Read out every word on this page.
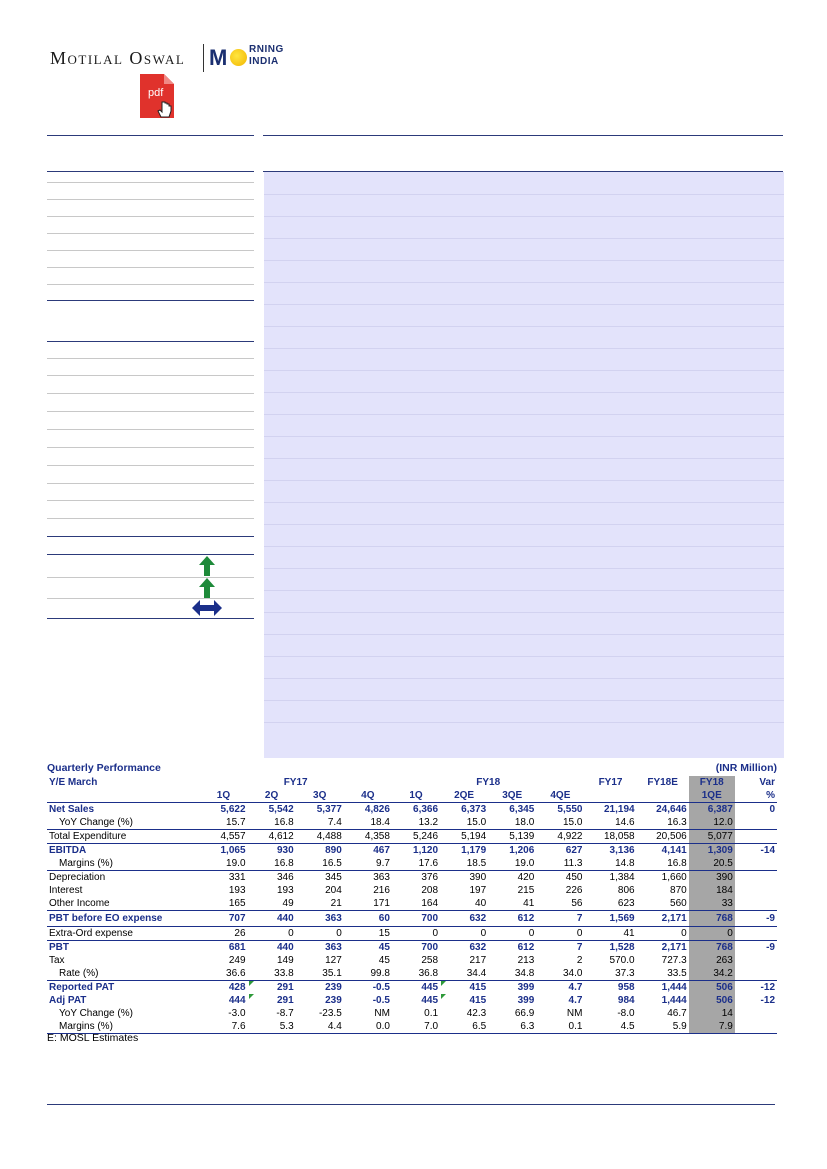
Motilal Oswal M RNING
INDIA
pdf
Quarterly Performance	(INR Million)
Y/E March	FY17				FY18				FY17	FY18E	FY18	Var
	1Q	2Q	3Q	4Q	1Q	2QE	3QE	4QE			1QE	%
Net Sales	5,622	5,542	5,377	4,826	6,366	6,373	6,345	5,550	21,194	24,646	6,387	0
YoY Change (%)	15.7	16.8	7.4	18.4	13.2	15.0	18.0	15.0	14.6	16.3	12.0	
Total Expenditure	4,557	4,612	4,488	4,358	5,246	5,194	5,139	4,922	18,058	20,506	5,077	
EBITDA	1,065	930	890	467	1,120	1,179	1,206	627	3,136	4,141	1,309	-14
Margins (%)	19.0	16.8	16.5	9.7	17.6	18.5	19.0	11.3	14.8	16.8	20.5	
Depreciation	331	346	345	363	376	390	420	450	1,384	1,660	390	
Interest	193	193	204	216	208	197	215	226	806	870	184	
Other Income	165	49	21	171	164	40	41	56	623	560	33	
PBT before EO expense	707	440	363	60	700	632	612	7	1,569	2,171	768	-9
Extra-Ord expense	26	0	0	15	0	0	0	0	41	0	0	
PBT	681	440	363	45	700	632	612	7	1,528	2,171	768	-9
Tax	249	149	127	45	258	217	213	2	570.0	727.3	263	
Rate (%)	36.6	33.8	35.1	99.8	36.8	34.4	34.8	34.0	37.3	33.5	34.2	
Reported PAT	428	291	239	-0.5	445	415	399	4.7	958	1,444	506	-12
Adj PAT	444	291	239	-0.5	445	415	399	4.7	984	1,444	506	-12
YoY Change (%)	-3.0	-8.7	-23.5	NM	0.1	42.3	66.9	NM	-8.0	46.7	14	
Margins (%)	7.6	5.3	4.4	0.0	7.0	6.5	6.3	0.1	4.5	5.9	7.9	
E: MOSL Estimates
